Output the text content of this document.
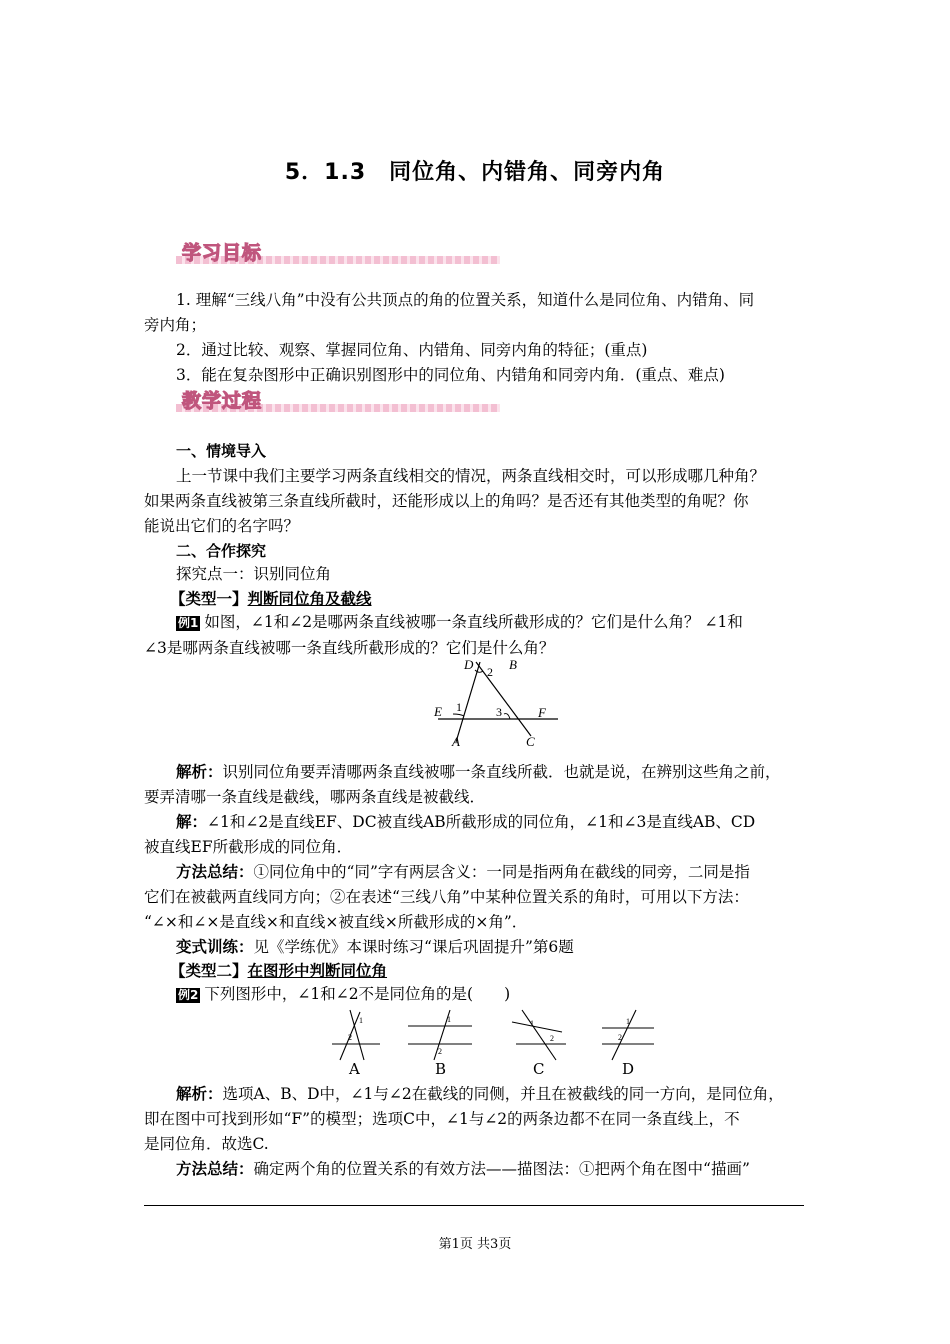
5．1.3　同位角、内错角、同旁内角
学习目标
1. 理解“三线八角”中没有公共顶点的角的位置关系，知道什么是同位角、内错角、同
旁内角；
2．通过比较、观察、掌握同位角、内错角、同旁内角的特征；(重点)
3．能在复杂图形中正确识别图形中的同位角、内错角和同旁内角．(重点、难点)
教学过程
一、情境导入
上一节课中我们主要学习两条直线相交的情况，两条直线相交时，可以形成哪几种角？
如果两条直线被第三条直线所截时，还能形成以上的角吗？是否还有其他类型的角呢？你
能说出它们的名字吗？
二、合作探究
探究点一：识别同位角
【类型一】判断同位角及截线
例1 如图，∠1和∠2是哪两条直线被哪一条直线所截形成的？它们是什么角？ ∠1和
∠3是哪两条直线被哪一条直线所截形成的？它们是什么角？
D	B
2
1	3
E	F
A	C
解析：识别同位角要弄清哪两条直线被哪一条直线所截．也就是说，在辨别这些角之前，
要弄清哪一条直线是截线，哪两条直线是被截线．
解：∠1和∠2是直线EF、DC被直线AB所截形成的同位角，∠1和∠3是直线AB、CD
被直线EF所截形成的同位角．
方法总结：①同位角中的“同”字有两层含义：一同是指两角在截线的同旁，二同是指
它们在被截两直线同方向；②在表述“三线八角”中某种位置关系的角时，可用以下方法：
“∠×和∠×是直线×和直线×被直线×所截形成的×角”．
变式训练：见《学练优》本课时练习“课后巩固提升”第6题
【类型二】在图形中判断同位角
例2 下列图形中，∠1和∠2不是同位角的是(　　)
1
2
1
2
1
2
1
2
A	B	C	D
解析：选项A、B、D中，∠1与∠2在截线的同侧，并且在被截线的同一方向，是同位角，
即在图中可找到形如“F”的模型；选项C中，∠1与∠2的两条边都不在同一条直线上，不
是同位角．故选C.
方法总结：确定两个角的位置关系的有效方法——描图法：①把两个角在图中“描画”
第1页 共3页
